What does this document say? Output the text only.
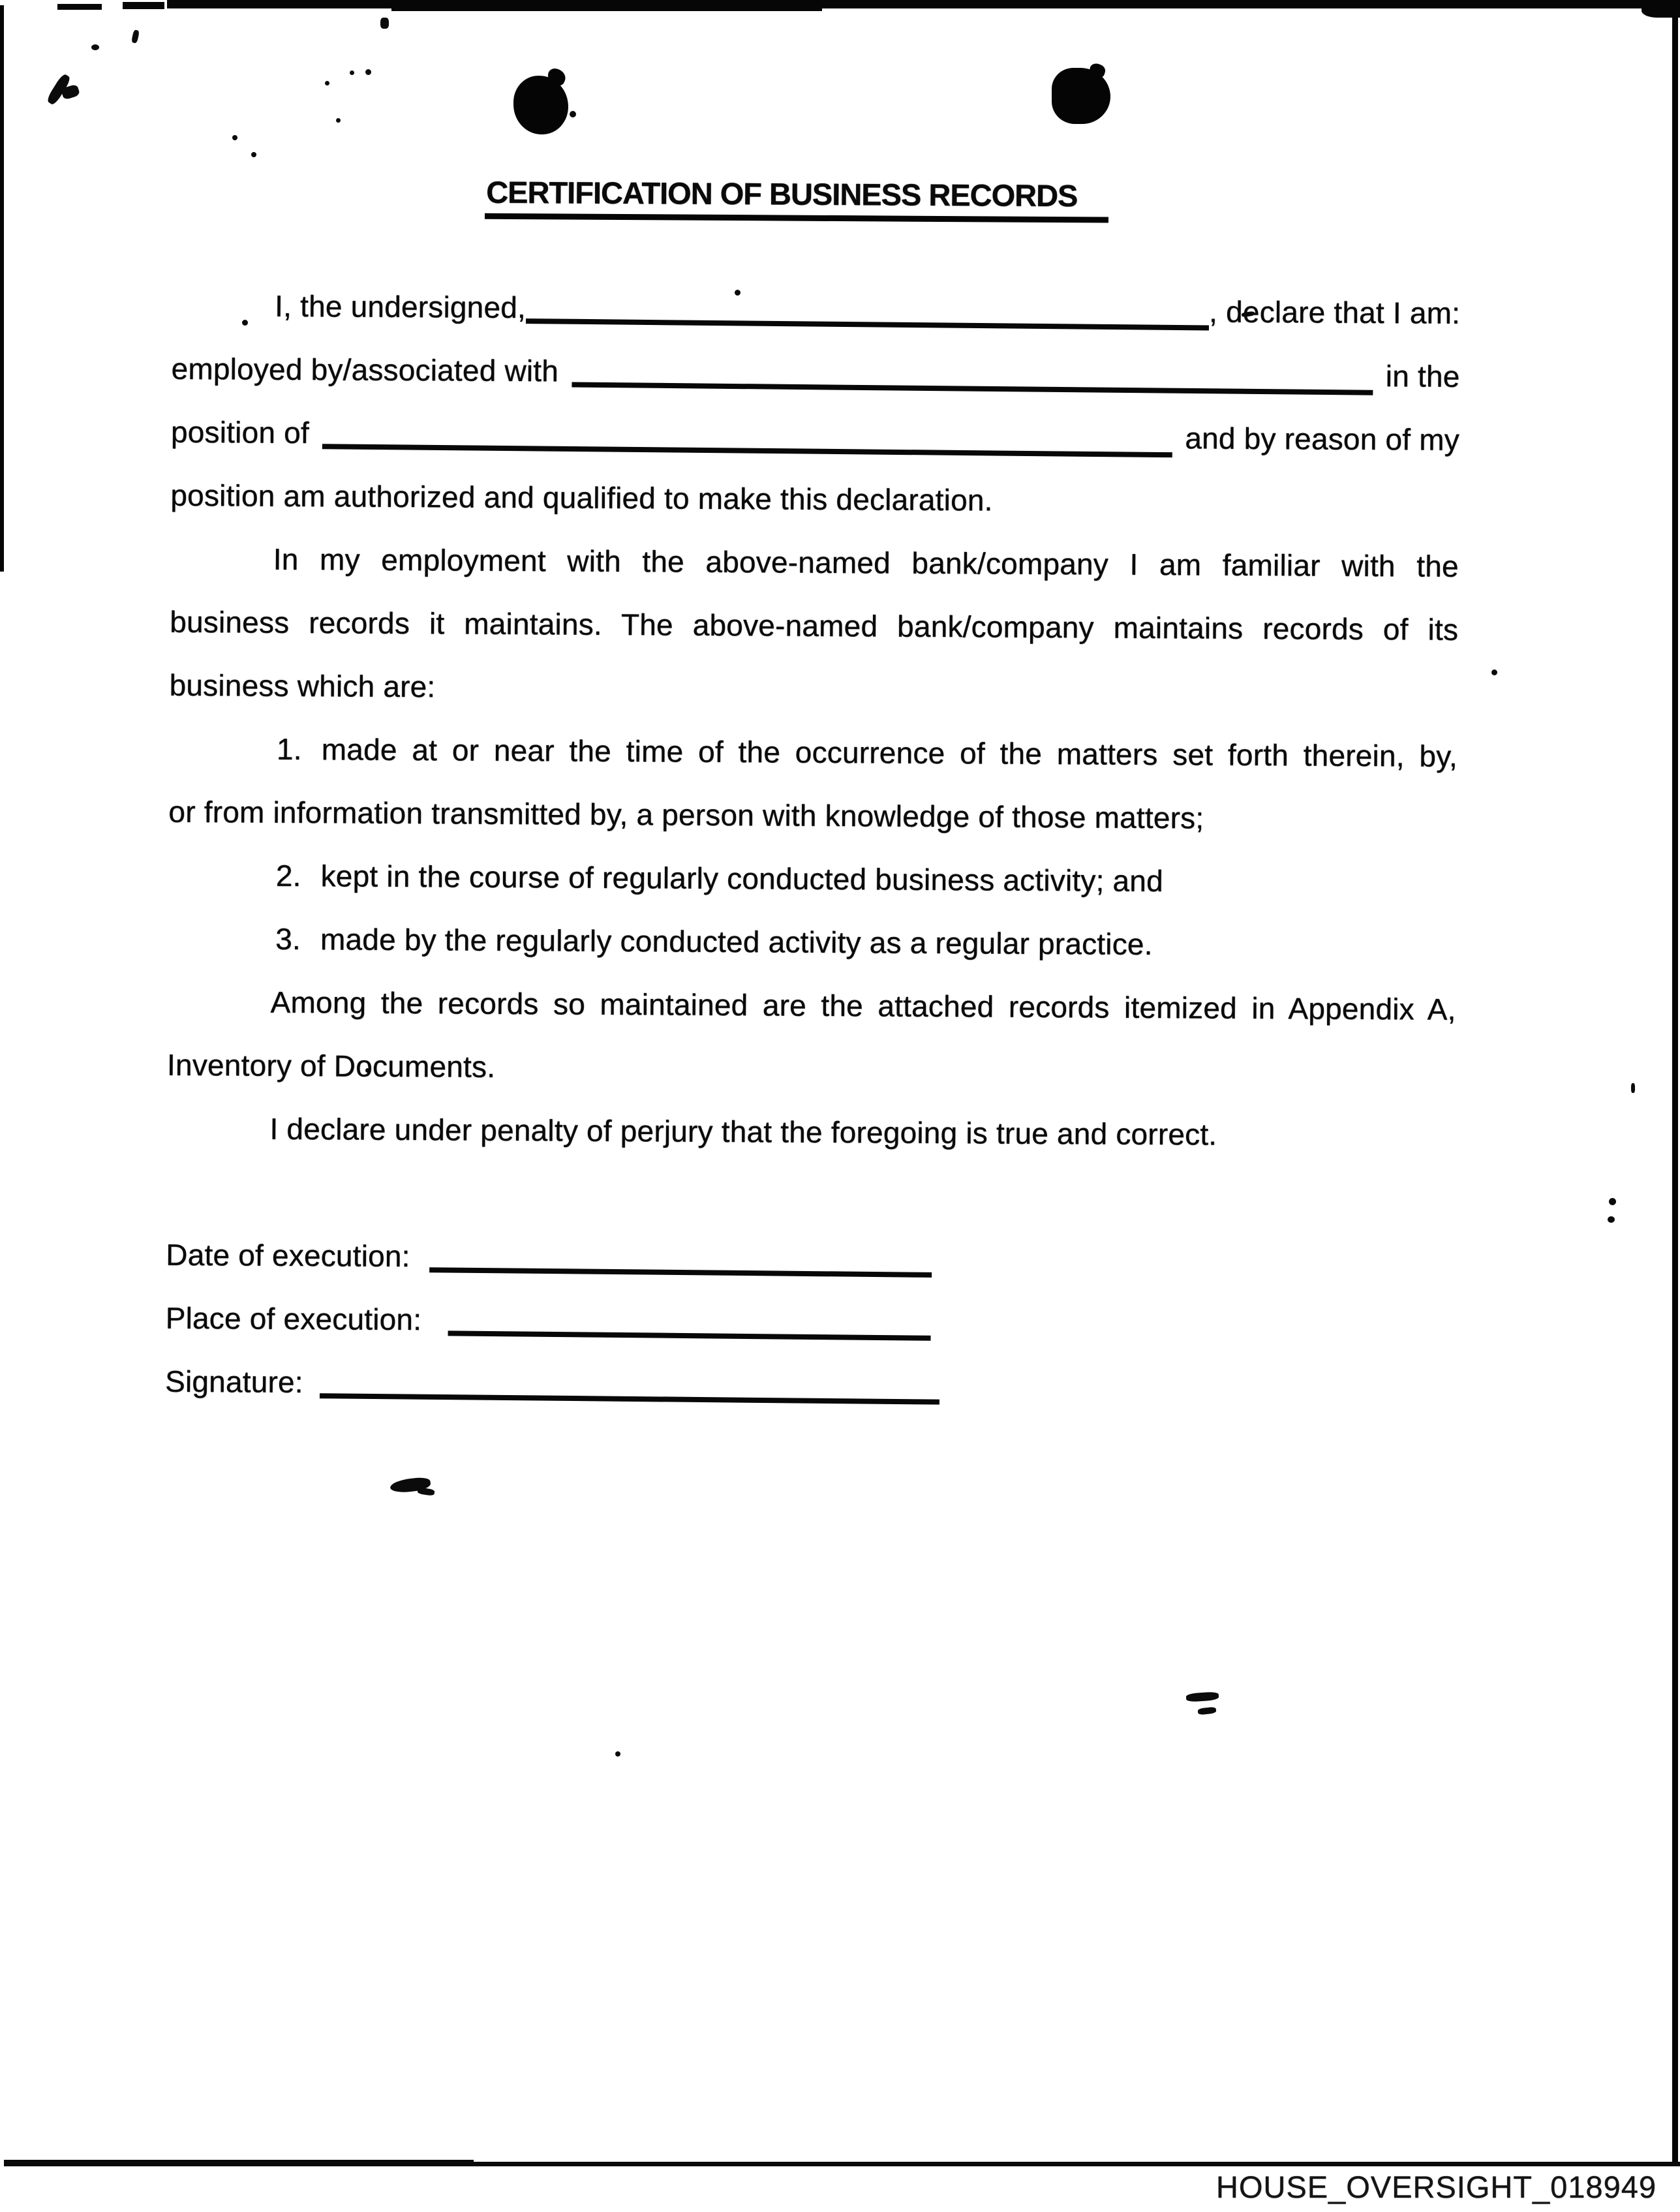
CERTIFICATION OF BUSINESS RECORDS
I, the undersigned,	, declare that I am:
employed by/associated with	in the
position of	and by reason of my
position am authorized and qualified to make this declaration.
In my employment with the above-named bank/company I am familiar with the
business records it maintains. The above-named bank/company maintains records of its
business which are:
1. made at or near the time of the occurrence of the matters set forth therein, by,
or from information transmitted by, a person with knowledge of those matters;
2. kept in the course of regularly conducted business activity; and
3. made by the regularly conducted activity as a regular practice.
Among the records so maintained are the attached records itemized in Appendix A,
Inventory of Documents.
I declare under penalty of perjury that the foregoing is true and correct.
Date of execution:
Place of execution:
Signature:
HOUSE_OVERSIGHT_018949
